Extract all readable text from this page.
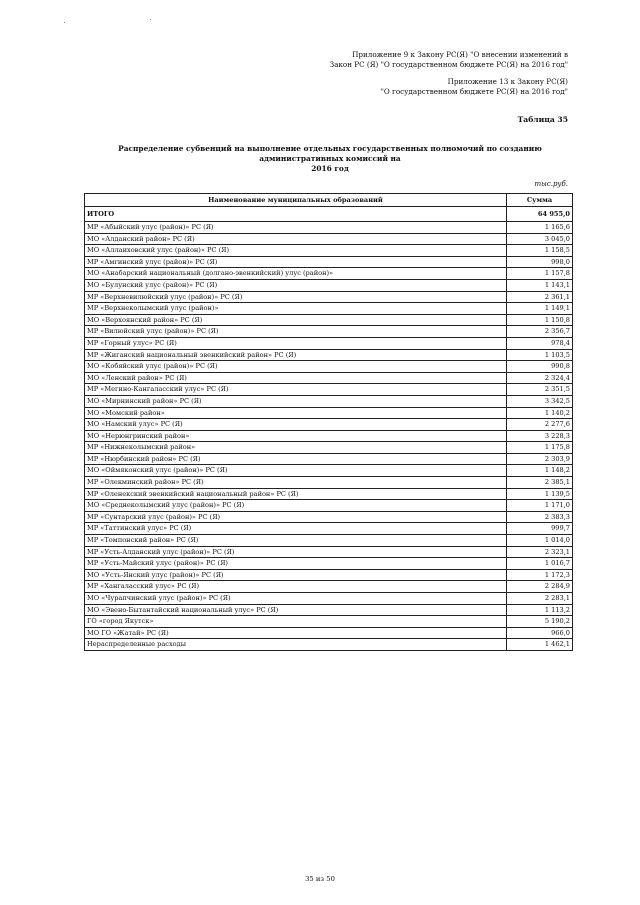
Приложение 9 к Закону РС(Я) "О внесении изменений в
Закон РС (Я) "О государственном бюджете РС(Я) на 2016 год"
Приложение 13 к Закону РС(Я)
"О государственном бюджете РС(Я) на 2016 год"
Таблица 35
Распределение субвенций на выполнение отдельных государственных полномочий по созданию административных комиссий на
2016 год
тыс.руб.
Наименование муниципальных образований	Сумма
ИТОГО	64 955,0
МР «Абыйский улус (район)» РС (Я)	1 165,6
МО «Алданский район» РС (Я)	3 045,0
МО «Аллаиховский улус (район)» РС (Я)	1 158,5
МР «Амгинский улус (район)» РС (Я)	998,0
МО «Анабарский национальный (долгано-эвенкийский) улус (район)»	1 157,8
МО «Булунский улус (район)» РС (Я)	1 143,1
МР «Верхневилюйский улус (район)» РС (Я)	2 361,1
МР «Верхнеколымский улус (район)»	1 149,1
МО «Верхоянский район» РС (Я)	1 150,8
МР «Вилюйский улус (район)» РС (Я)	2 356,7
МР «Горный улус» РС (Я)	978,4
МР «Жиганский национальный эвенкийский район» РС (Я)	1 103,5
МО «Кобяйский улус (район)» РС (Я)	990,8
МО «Ленский район» РС (Я)	2 324,4
МР «Мегино-Кангаласский улус» РС (Я)	2 351,5
МО «Мирнинский район» РС (Я)	3 342,5
МО «Момский район»	1 140,2
МО «Намский улус» РС (Я)	2 277,6
МО «Нерюнгринский район»	3 228,3
МР «Нижнеколымский район»	1 175,8
МР «Нюрбинский район» РС (Я)	2 303,9
МО «Оймяконский улус (район)» РС (Я)	1 148,2
МР «Олекминский район» РС (Я)	2 385,1
МР «Оленекский эвенкийский национальный район» РС (Я)	1 139,5
МО «Среднеколымский улус (район)» РС (Я)	1 171,0
МР «Сунтарский улус (район)» РС (Я)	2 383,3
МР «Таттинский улус» РС (Я)	999,7
МР «Томпонский район» РС (Я)	1 014,0
МР «Усть-Алданский улус (район)» РС (Я)	2 323,1
МР «Усть-Майский улус (район)» РС (Я)	1 016,7
МО «Усть-Янский улус (район)» РС (Я)	1 172,3
МР «Хангаласский улус» РС (Я)	2 284,9
МО «Чурапчинский улус (район)» РС (Я)	2 283,1
МО «Эвено-Бытантайский национальный улус» РС (Я)	1 113,2
ГО «город Якутск»	5 190,2
МО ГО «Жатай» РС (Я)	966,0
Нераспределенные расходы	1 462,1
35 из 50
